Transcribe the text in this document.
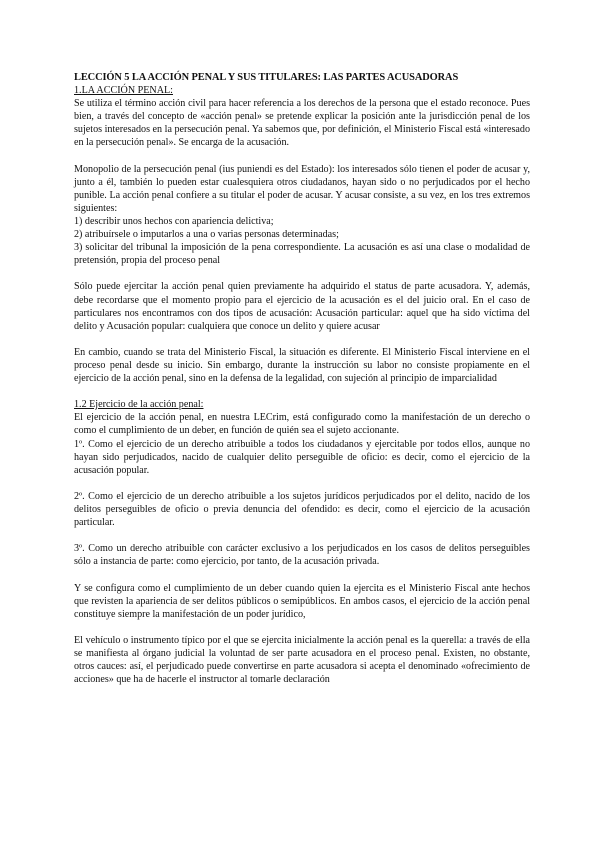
LECCIÓN 5 LA ACCIÓN PENAL Y SUS TITULARES: LAS PARTES ACUSADORAS
1.LA ACCIÓN PENAL:

Se utiliza el término acción civil para hacer referencia a los derechos de la persona que el estado reconoce. Pues bien, a través del concepto de «acción penal» se pretende explicar la posición ante la jurisdicción penal de los sujetos interesados en la persecución penal. Ya sabemos que, por definición, el Ministerio Fiscal está «interesado en la persecución penal». Se encarga de la acusación.

Monopolio de la persecución penal (ius puniendi es del Estado): los interesados sólo tienen el poder de acusar y, junto a él, también lo pueden estar cualesquiera otros ciudadanos, hayan sido o no perjudicados por el hecho punible. La acción penal confiere a su titular el poder de acusar. Y acusar consiste, a su vez, en los tres extremos siguientes:

1) describir unos hechos con apariencia delictiva;

2) atribuírsele o imputarlos a una o varias personas determinadas;

3) solicitar del tribunal la imposición de la pena correspondiente. La acusación es así una clase o modalidad de pretensión, propia del proceso penal

Sólo puede ejercitar la acción penal quien previamente ha adquirido el status de parte acusadora. Y, además, debe recordarse que el momento propio para el ejercicio de la acusación es el del juicio oral. En el caso de particulares nos encontramos con dos tipos de acusación: Acusación particular: aquel que ha sido víctima del delito y Acusación popular: cualquiera que conoce un delito y quiere acusar

En cambio, cuando se trata del Ministerio Fiscal, la situación es diferente. El Ministerio Fiscal interviene en el proceso penal desde su inicio. Sin embargo, durante la instrucción su labor no consiste propiamente en el ejercicio de la acción penal, sino en la defensa de la legalidad, con sujeción al principio de imparcialidad

1.2 Ejercicio de la acción penal:

El ejercicio de la acción penal, en nuestra LECrim, está configurado como la manifestación de un derecho o como el cumplimiento de un deber, en función de quién sea el sujeto accionante.

1º. Como el ejercicio de un derecho atribuible a todos los ciudadanos y ejercitable por todos ellos, aunque no hayan sido perjudicados, nacido de cualquier delito perseguible de oficio: es decir, como el ejercicio de la acusación popular.

2º. Como el ejercicio de un derecho atribuible a los sujetos jurídicos perjudicados por el delito, nacido de los delitos perseguibles de oficio o previa denuncia del ofendido: es decir, como el ejercicio de la acusación particular.

3º. Como un derecho atribuible con carácter exclusivo a los perjudicados en los casos de delitos perseguibles sólo a instancia de parte: como ejercicio, por tanto, de la acusación privada.

Y se configura como el cumplimiento de un deber cuando quien la ejercita es el Ministerio Fiscal ante hechos que revisten la apariencia de ser delitos públicos o semipúblicos. En ambos casos, el ejercicio de la acción penal constituye siempre la manifestación de un poder jurídico,

El vehículo o instrumento típico por el que se ejercita inicialmente la acción penal es la querella: a través de ella se manifiesta al órgano judicial la voluntad de ser parte acusadora en el proceso penal. Existen, no obstante, otros cauces: así, el perjudicado puede convertirse en parte acusadora si acepta el denominado «ofrecimiento de acciones» que ha de hacerle el instructor al tomarle declaración
